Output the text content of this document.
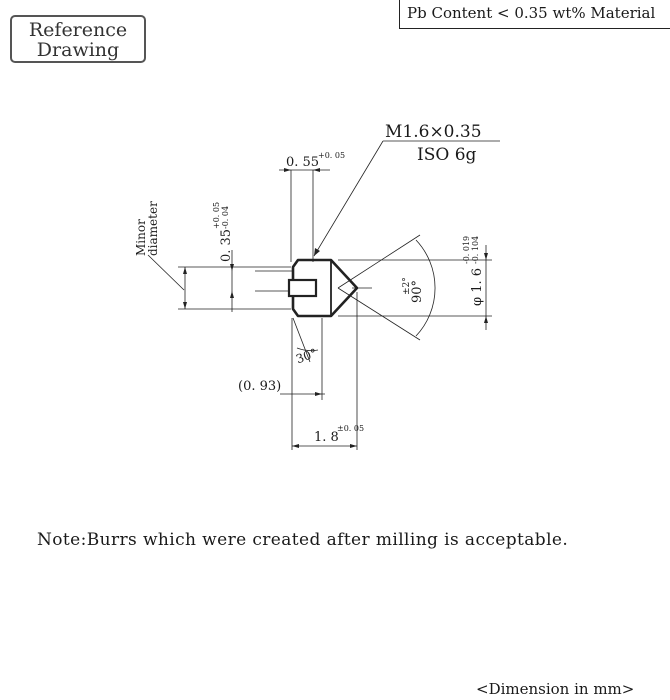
Reference
Drawing
Pb Content < 0.35 wt% Material
M1.6×0.35
ISO 6g
0. 55
+0. 05
0. 35
+0. 05 -0. 04
Minor
diameter
90°
±2°	φ 1. 6
-0. 019 -0. 104
30°
(0. 93)
1. 8
±0. 05
Note:Burrs which were created after milling is acceptable.
<Dimension in mm>
